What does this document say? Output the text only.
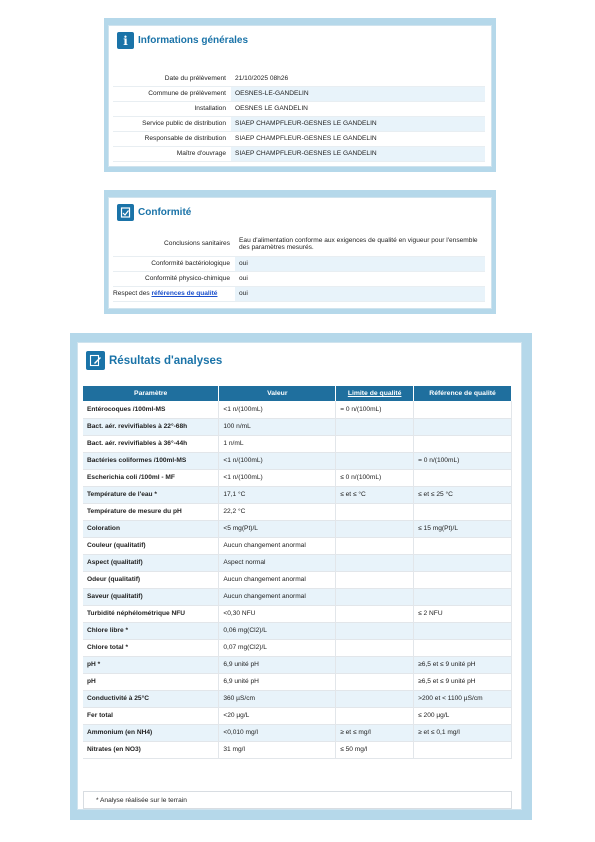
i	Informations générales
Date du prélèvement	21/10/2025 08h26
Commune de prélèvement	OESNES-LE-GANDELIN
Installation	OESNES LE GANDELIN
Service public de distribution	SIAEP CHAMPFLEUR-GESNES LE GANDELIN
Responsable de distribution	SIAEP CHAMPFLEUR-GESNES LE GANDELIN
Maître d'ouvrage	SIAEP CHAMPFLEUR-GESNES LE GANDELIN
Conformité
Conclusions sanitaires	Eau d'alimentation conforme aux exigences de qualité en vigueur pour l'ensemble des paramètres mesurés.
Conformité bactériologique	oui
Conformité physico-chimique	oui
Respect des références de qualité	oui
Résultats d'analyses
Paramètre	Valeur	Limite de qualité	Référence de qualité
Entérocoques /100ml-MS	<1 n/(100mL)	= 0 n/(100mL)	
Bact. aér. revivifiables à 22°-68h	100 n/mL		
Bact. aér. revivifiables à 36°-44h	1 n/mL		
Bactéries coliformes /100ml-MS	<1 n/(100mL)		= 0 n/(100mL)
Escherichia coli /100ml - MF	<1 n/(100mL)	≤ 0 n/(100mL)	
Température de l'eau *	17,1 °C	≤ et ≤ °C	≤ et ≤ 25 °C
Température de mesure du pH	22,2 °C		
Coloration	<5 mg(Pt)/L		≤ 15 mg(Pt)/L
Couleur (qualitatif)	Aucun changement anormal		
Aspect (qualitatif)	Aspect normal		
Odeur (qualitatif)	Aucun changement anormal		
Saveur (qualitatif)	Aucun changement anormal		
Turbidité néphélométrique NFU	<0,30 NFU		≤ 2 NFU
Chlore libre *	0,06 mg(Cl2)/L		
Chlore total *	0,07 mg(Cl2)/L		
pH *	6,9 unité pH		≥6,5 et ≤ 9 unité pH
pH	6,9 unité pH		≥6,5 et ≤ 9 unité pH
Conductivité à 25°C	360 µS/cm		>200 et < 1100 µS/cm
Fer total	<20 µg/L		≤ 200 µg/L
Ammonium (en NH4)	<0,010 mg/l	≥ et ≤ mg/l	≥ et ≤ 0,1 mg/l
Nitrates (en NO3)	31 mg/l	≤ 50 mg/l	
* Analyse réalisée sur le terrain
